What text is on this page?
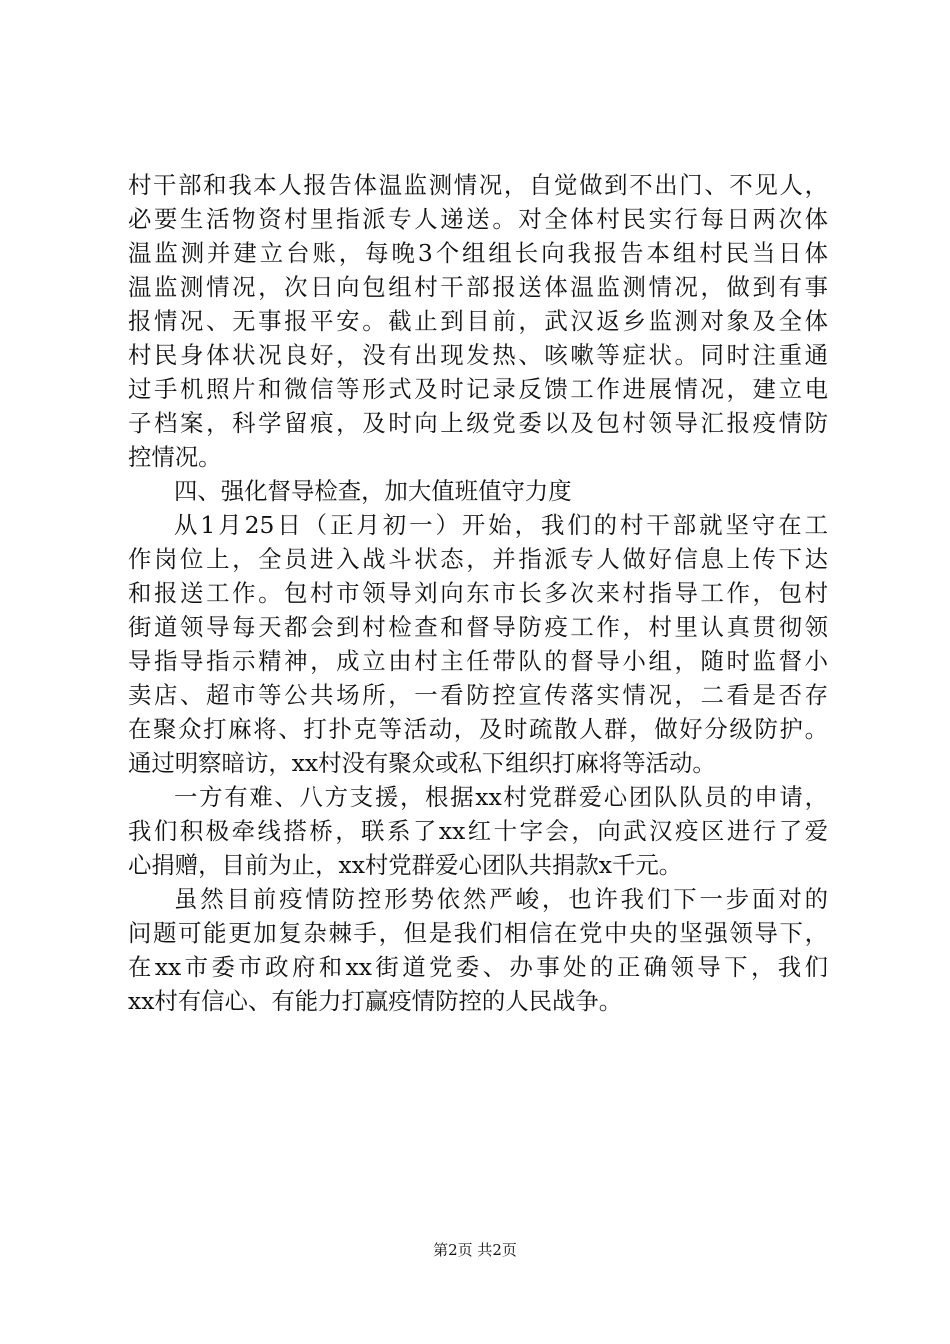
村干部和我本人报告体温监测情况，自觉做到不出门、不见人，
必要生活物资村里指派专人递送。对全体村民实行每日两次体
温监测并建立台账，每晚3个组组长向我报告本组村民当日体
温监测情况，次日向包组村干部报送体温监测情况，做到有事
报情况、无事报平安。截止到目前，武汉返乡监测对象及全体
村民身体状况良好，没有出现发热、咳嗽等症状。同时注重通
过手机照片和微信等形式及时记录反馈工作进展情况，建立电
子档案，科学留痕，及时向上级党委以及包村领导汇报疫情防
控情况。
四、强化督导检查，加大值班值守力度
从1月25日（正月初一）开始，我们的村干部就坚守在工
作岗位上，全员进入战斗状态，并指派专人做好信息上传下达
和报送工作。包村市领导刘向东市长多次来村指导工作，包村
街道领导每天都会到村检查和督导防疫工作，村里认真贯彻领
导指导指示精神，成立由村主任带队的督导小组，随时监督小
卖店、超市等公共场所，一看防控宣传落实情况，二看是否存
在聚众打麻将、打扑克等活动，及时疏散人群，做好分级防护。
通过明察暗访，xx村没有聚众或私下组织打麻将等活动。
一方有难、八方支援，根据xx村党群爱心团队队员的申请，
我们积极牵线搭桥，联系了xx红十字会，向武汉疫区进行了爱
心捐赠，目前为止，xx村党群爱心团队共捐款x千元。
虽然目前疫情防控形势依然严峻，也许我们下一步面对的
问题可能更加复杂棘手，但是我们相信在党中央的坚强领导下，
在xx市委市政府和xx街道党委、办事处的正确领导下，我们
xx村有信心、有能力打赢疫情防控的人民战争。
第2页 共2页
